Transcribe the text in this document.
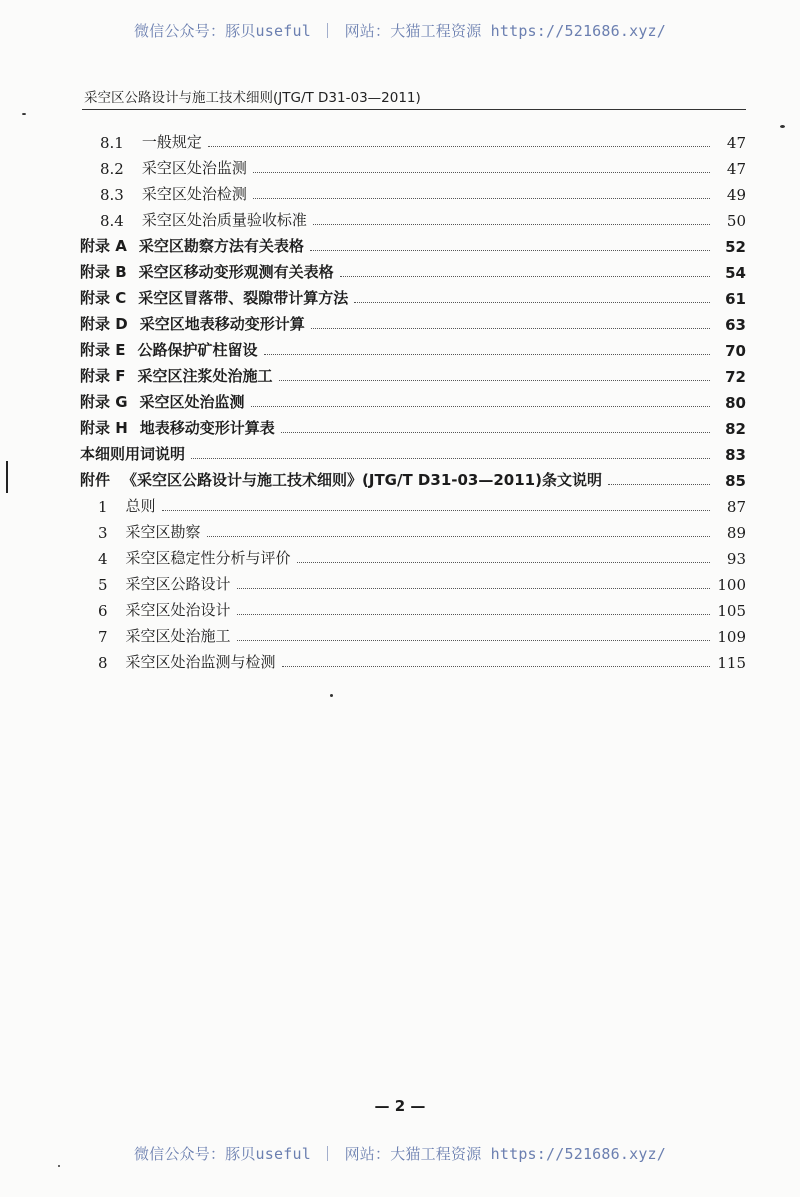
微信公众号：豚贝useful ｜ 网站：大猫工程资源 https://521686.xyz/
采空区公路设计与施工技术细则(JTG/T D31-03—2011)
8.1 一般规定	47
8.2 采空区处治监测	47
8.3 采空区处治检测	49
8.4 采空区处治质量验收标准	50
附录 A 采空区勘察方法有关表格	52
附录 B 采空区移动变形观测有关表格	54
附录 C 采空区冒落带、裂隙带计算方法	61
附录 D 采空区地表移动变形计算	63
附录 E 公路保护矿柱留设	70
附录 F 采空区注浆处治施工	72
附录 G 采空区处治监测	80
附录 H 地表移动变形计算表	82
本细则用词说明	83
附件 《采空区公路设计与施工技术细则》(JTG/T D31-03—2011)条文说明	85
1 总则	87
3 采空区勘察	89
4 采空区稳定性分析与评价	93
5 采空区公路设计	100
6 采空区处治设计	105
7 采空区处治施工	109
8 采空区处治监测与检测	115
— 2 —
微信公众号：豚贝useful ｜ 网站：大猫工程资源 https://521686.xyz/
